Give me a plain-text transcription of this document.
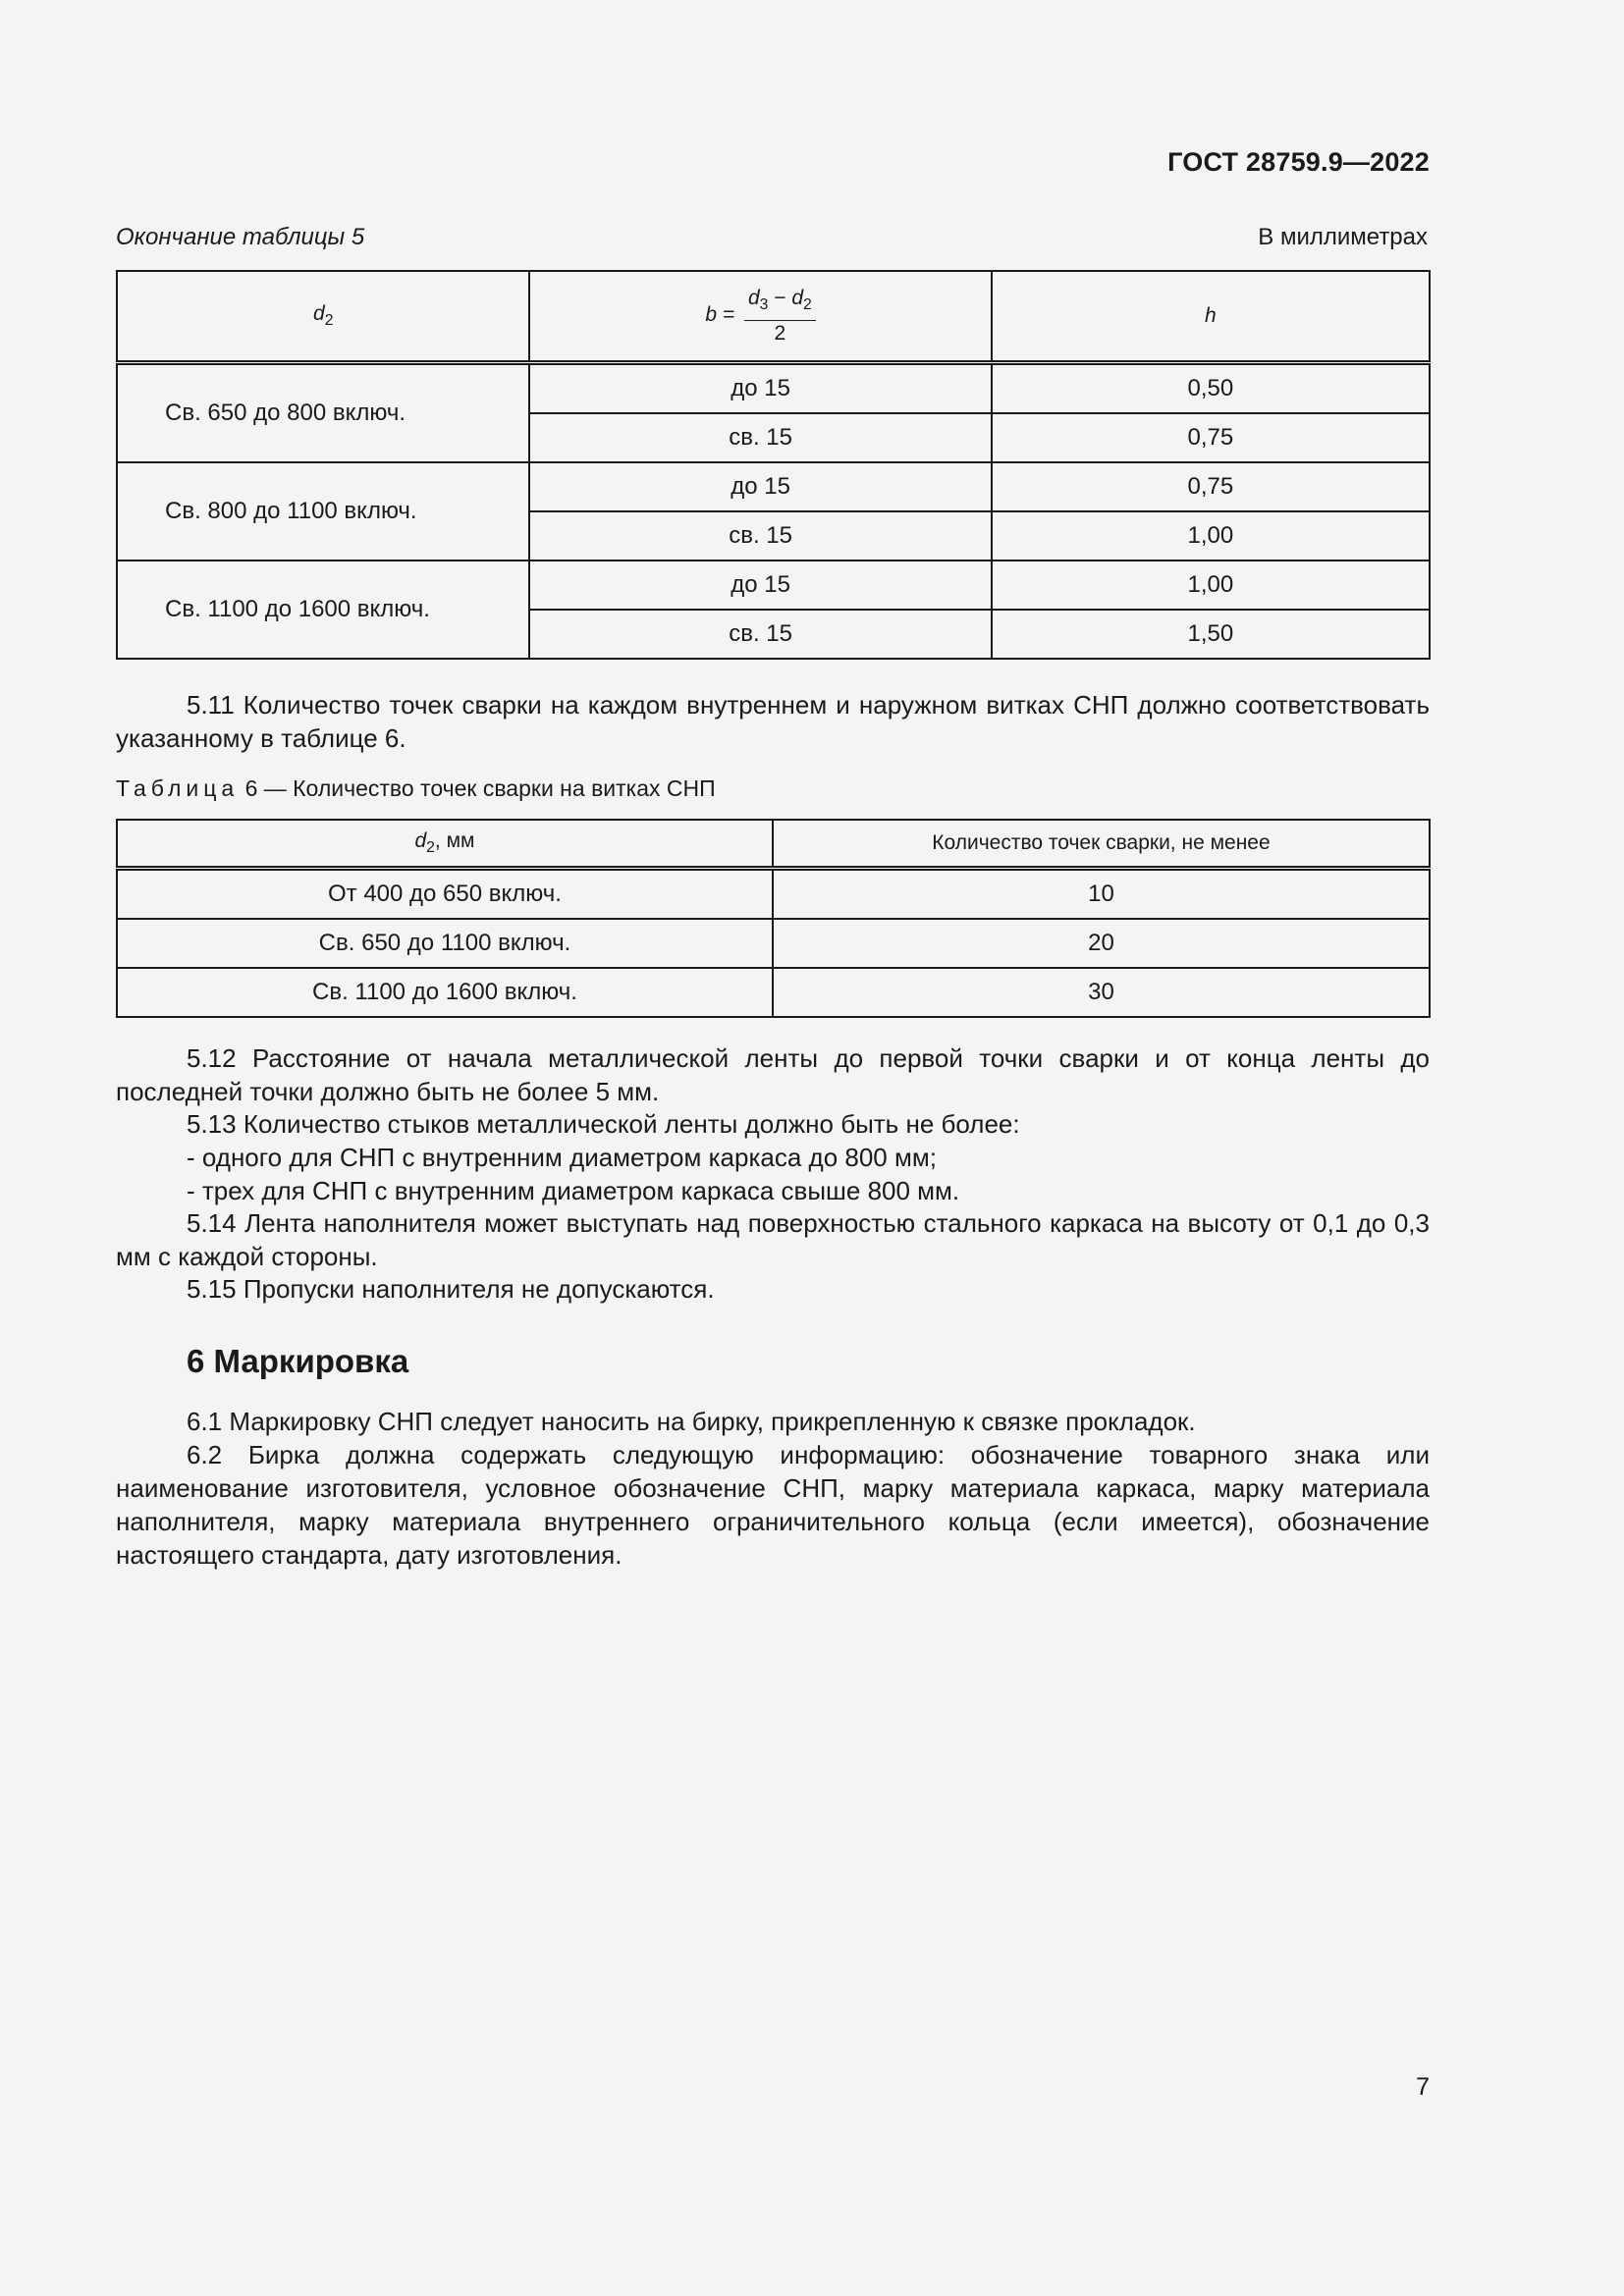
ГОСТ 28759.9—2022
Окончание таблицы 5	В миллиметрах
$d_2$	$b = \frac{d_3 - d_2}{2}$	h
Св. 650 до 800 включ.	до 15	0,50
	св. 15	0,75
Св. 800 до 1100 включ.	до 15	0,75
	св. 15	1,00
Св. 1100 до 1600 включ.	до 15	1,00
	св. 15	1,50
5.11 Количество точек сварки на каждом внутреннем и наружном витках СНП должно соответствовать указанному в таблице 6.
Таблица 6 — Количество точек сварки на витках СНП
$d_2$, мм	Количество точек сварки, не менее
От 400 до 650 включ.	10
Св. 650 до 1100 включ.	20
Св. 1100 до 1600 включ.	30
5.12 Расстояние от начала металлической ленты до первой точки сварки и от конца ленты до последней точки должно быть не более 5 мм.
5.13 Количество стыков металлической ленты должно быть не более:
- одного для СНП с внутренним диаметром каркаса до 800 мм;
- трех для СНП с внутренним диаметром каркаса свыше 800 мм.
5.14 Лента наполнителя может выступать над поверхностью стального каркаса на высоту от 0,1 до 0,3 мм с каждой стороны.
5.15 Пропуски наполнителя не допускаются.
6 Маркировка
6.1 Маркировку СНП следует наносить на бирку, прикрепленную к связке прокладок.
6.2 Бирка должна содержать следующую информацию: обозначение товарного знака или наименование изготовителя, условное обозначение СНП, марку материала каркаса, марку материала наполнителя, марку материала внутреннего ограничительного кольца (если имеется), обозначение настоящего стандарта, дату изготовления.
7
